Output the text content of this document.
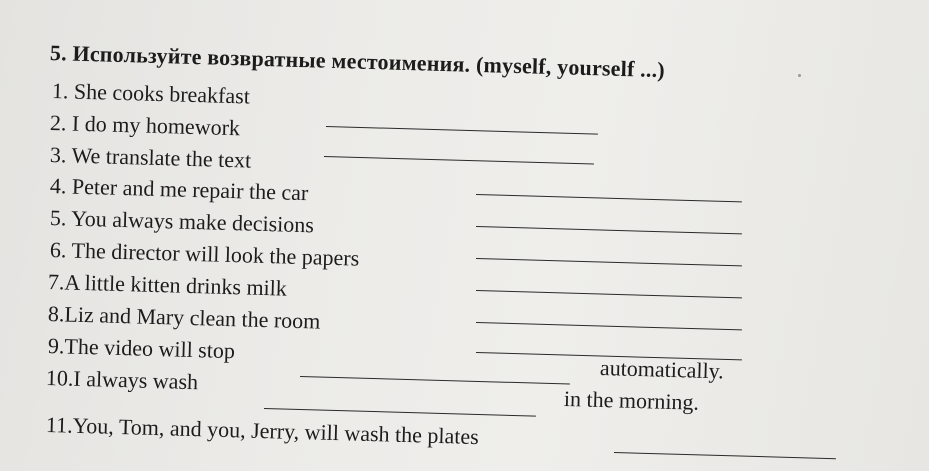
5. Используйте возвратные местоимения. (myself, yourself ...)
1. She cooks breakfast
2. I do my homework
3. We translate the text
4. Peter and me repair the car
5. You always make decisions
6. The director will look the papers
7.A little kitten drinks milk
8.Liz and Mary clean the room
9.The video will stop
automatically.
10.I always wash
in the morning.
11.You, Tom, and you, Jerry, will wash the plates
